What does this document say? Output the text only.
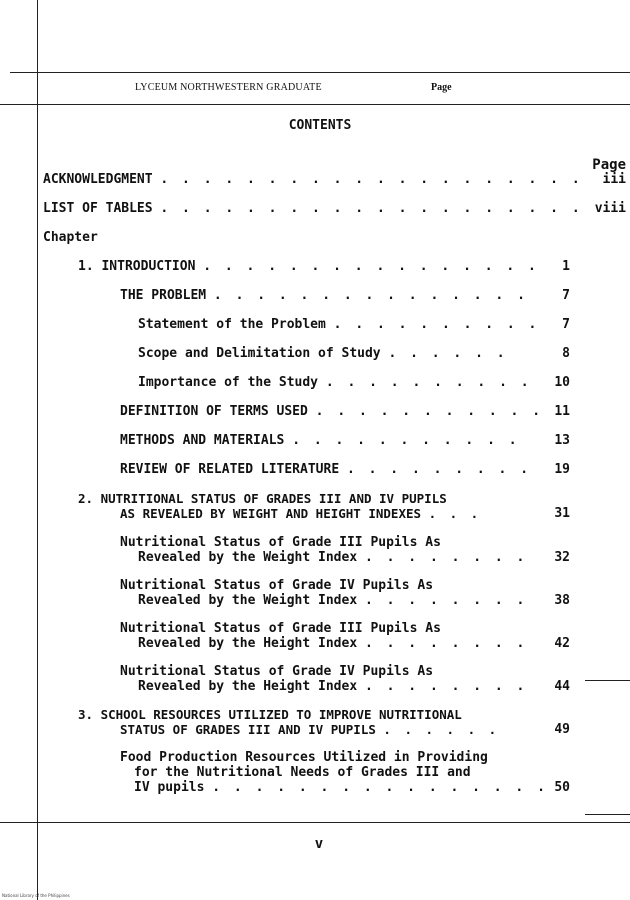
LYCEUM NORTHWESTERN GRADUATE	Page
CONTENTS
Page
ACKNOWLEDGMENT . . . . . . . . . . . . . . . . . . . . iii
LIST OF TABLES . . . . . . . . . . . . . . . . . . . . viii
Chapter
1. INTRODUCTION . . . . . . . . . . . . . . . . 1
THE PROBLEM . . . . . . . . . . . . . . .	7
Statement of the Problem . . . . . . . . . . 7
Scope and Delimitation of Study . . . . . .	8
Importance of the Study . . . . . . . . . . 10
DEFINITION OF TERMS USED . . . . . . . . . . . 11
METHODS AND MATERIALS . . . . . . . . . . .	13
REVIEW OF RELATED LITERATURE . . . . . . . . . 19
2. NUTRITIONAL STATUS OF GRADES III AND IV PUPILS
AS REVEALED BY WEIGHT AND HEIGHT INDEXES . . .	31
Nutritional Status of Grade III Pupils As
Revealed by the Weight Index . . . . . . . . 32
Nutritional Status of Grade IV Pupils As
Revealed by the Weight Index . . . . . . . . 38
Nutritional Status of Grade III Pupils As
Revealed by the Height Index . . . . . . . . 42
Nutritional Status of Grade IV Pupils As
Revealed by the Height Index . . . . . . . . 44
3. SCHOOL RESOURCES UTILIZED TO IMPROVE NUTRITIONAL
STATUS OF GRADES III AND IV PUPILS . . . . . .	49
Food Production Resources Utilized in Providing
for the Nutritional Needs of Grades III and
IV pupils . . . . . . . . . . . . . . . . 50
v
National Library of the Philippines
